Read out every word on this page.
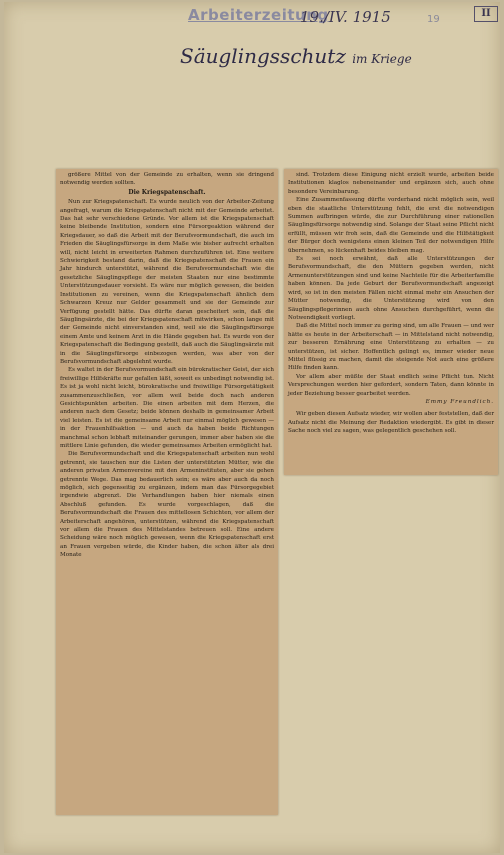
Arbeiterzeitung
19./IV. 1915	19
II
Säuglingsschutz im Kriege

größere Mittel von der Gemeinde zu erhalten, wenn sie dringend notwendig werden sollten.

Die Kriegspatenschaft.

Nun zur Kriegspatenschaft. Es wurde neulich von der Arbeiter-Zeitung angefragt, warum die Kriegspatenschaft nicht mit der Gemeinde arbeitet. Das hat sehr verschiedene Gründe. Vor allem ist die Kriegspatenschaft keine bleibende Institution, sondern eine Fürsorgeaktion während der Kriegsdauer, so daß die Arbeit mit der Berufsvormundschaft, die auch im Frieden die Säuglingsfürsorge in dem Maße wie bisher aufrecht erhalten will, nicht leicht in erweiterten Rahmen durchzuführen ist. Eine weitere Schwierigkeit bestand darin, daß die Kriegspatenschaft die Frauen ein Jahr hindurch unterstützt, während die Berufsvormundschaft wie die gesetzliche Säuglingspflege der meisten Staaten nur eine bestimmte Unterstützungsdauer vorsieht. Es wäre nur möglich gewesen, die beiden Institutionen zu vereinen, wenn die Kriegspatenschaft ähnlich dem Schwarzen Kreuz nur Gelder gesammelt und sie der Gemeinde zur Verfügung gestellt hätte. Das dürfte daran gescheitert sein, daß die Säuglingsärzte, die bei der Kriegspatenschaft mitwirken, schon lange mit der Gemeinde nicht einverstanden sind, weil sie die Säuglingsfürsorge einem Amte und keinem Arzt in die Hände gegeben hat. Es wurde von der Kriegspatenschaft die Bedingung gestellt, daß auch die Säuglingsärzte mit in die Säuglingsfürsorge einbezogen werden, was aber von der Berufsvormundschaft abgelehnt wurde.

Es waltet in der Berufsvormundschaft ein bürokratischer Geist, der sich freiwillige Hilfskräfte nur gefallen läßt, soweit es unbedingt notwendig ist. Es ist ja wohl nicht leicht, bürokratische und freiwillige Fürsorgetätigkeit zusammenzuschließen, vor allem weil beide doch nach anderen Gesichtspunkten arbeiten. Die einen arbeiten mit dem Herzen, die anderen nach dem Gesetz; beide können deshalb in gemeinsamer Arbeit viel leisten. Es ist die gemeinsame Arbeit nur einmal möglich gewesen — in der Frauenhilfsaktion — und auch da haben beide Richtungen manchmal schon lebhaft miteinander gerungen, immer aber haben sie die mittlere Linie gefunden, die wieder gemeinsames Arbeiten ermöglicht hat.

Die Berufsvormundschaft und die Kriegspatenschaft arbeiten nun wohl getrennt, sie tauschen nur die Listen der unterstützten Mütter, wie die anderen privaten Armenvereine mit den Armeninstituten, aber sie gehen getrennte Wege. Das mag bedauerlich sein; es wäre aber auch da noch möglich, sich gegenseitig zu ergänzen, indem man das Fürsorgegebiet irgendwie abgrenzt. Die Verhandlungen haben hier niemals einen Abschluß gefunden. Es wurde vorgeschlagen, daß die Berufsvormundschaft die Frauen des mittellosen Schichten, vor allem der Arbeiterschaft angehören, unterstützen, während die Kriegspatenschaft vor allem die Frauen des Mittelstandes betreuen soll. Eine andere Scheidung wäre noch möglich gewesen, wenn die Kriegspatenschaft erst an Frauen vergeben würde, die Kinder haben, die schon älter als drei Monate

sind. Trotzdem diese Einigung nicht erzielt wurde, arbeiten beide Institutionen klaglos nebeneinander und ergänzen sich, auch ohne besondere Vereinbarung.

Eine Zusammenfassung dürfte vorderhand nicht möglich sein, weil eben die staatliche Unterstützung fehlt, die erst die notwendigen Summen aufbringen würde, die zur Durchführung einer rationellen Säuglingsfürsorge notwendig sind. Solange der Staat seine Pflicht nicht erfüllt, müssen wir froh sein, daß die Gemeinde und die Hilfstätigkeit der Bürger doch wenigstens einen kleinen Teil der notwendigen Hilfe übernehmen, so lückenhaft beides bleiben mag.

Es sei noch erwähnt, daß alle Unterstützungen der Berufsvormundschaft, die den Müttern gegeben werden, nicht Armenunterstützungen sind und keine Nachteile für die Arbeiterfamilie haben können. Da jede Geburt der Berufsvormundschaft angezeigt wird, so ist in den meisten Fällen nicht einmal mehr ein Ansuchen der Mütter notwendig, die Unterstützung wird von den Säuglingspflegerinnen auch ohne Ansuchen durchgeführt, wenn die Notwendigkeit vorliegt.

Daß die Mittel noch immer zu gering sind, um alle Frauen — und wer hätte es heute in der Arbeiterschaft — in Mittelstand nicht notwendig, zur besseren Ernährung eine Unterstützung zu erhalten — zu unterstützen, ist sicher. Hoffentlich gelingt es, immer wieder neue Mittel flüssig zu machen, damit die steigende Not auch eine größere Hilfe finden kann.

Vor allem aber müßte der Staat endlich seine Pflicht tun. Nicht Versprechungen werden hier gefordert, sondern Taten, dann könnte in jeder Beziehung besser gearbeitet werden.

Emmy Freundlich.

Wir geben diesen Aufsatz wieder, wir wollen aber feststellen, daß der Aufsatz nicht die Meinung der Redaktion wiedergibt. Es gibt in dieser Sache noch viel zu sagen, was gelegentlich geschehen soll.
